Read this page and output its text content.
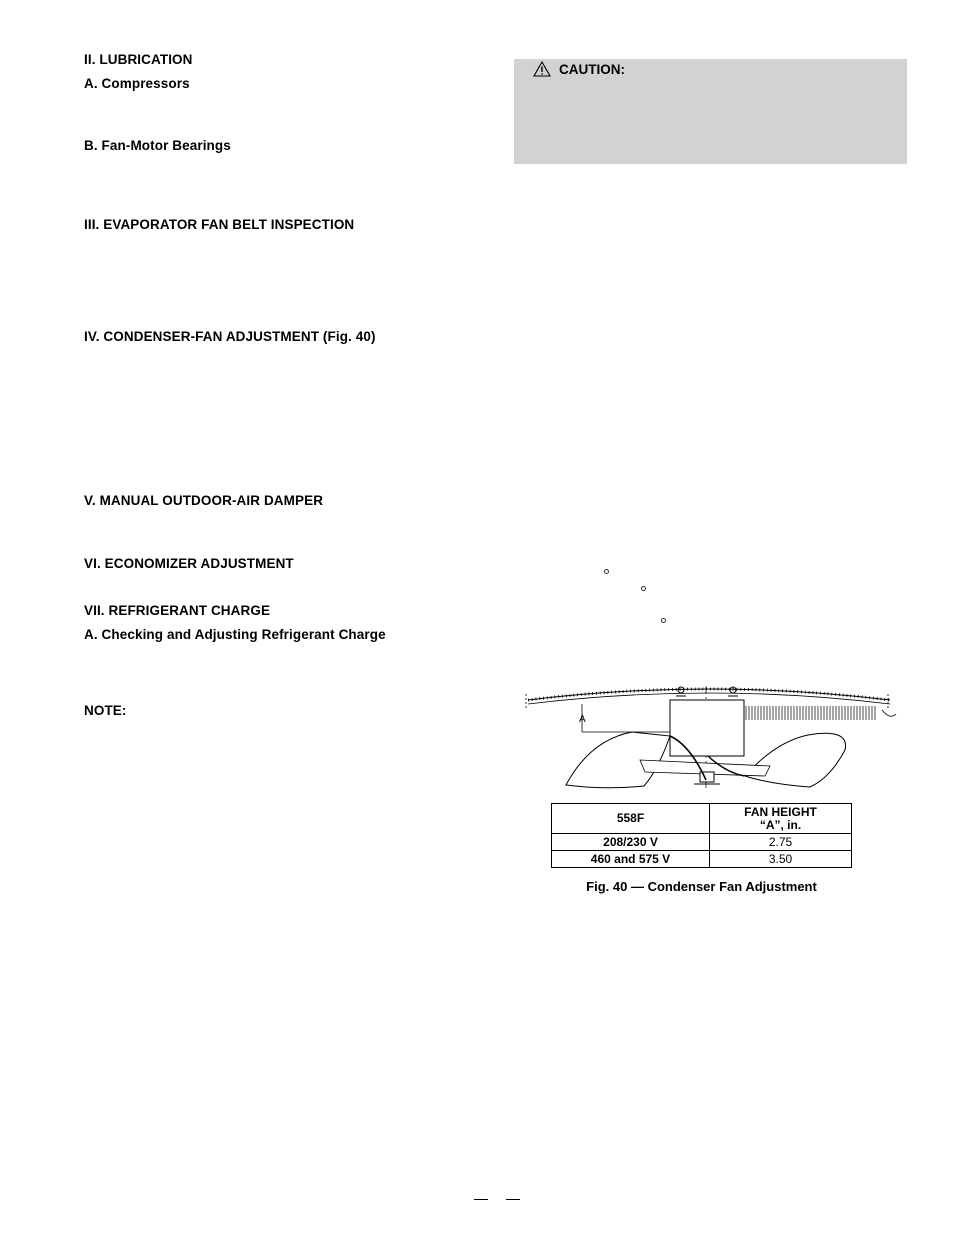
II. LUBRICATION
A. Compressors
B. Fan-Motor Bearings
III. EVAPORATOR FAN BELT INSPECTION
IV. CONDENSER-FAN ADJUSTMENT (Fig. 40)
V. MANUAL OUTDOOR-AIR DAMPER
VI. ECONOMIZER ADJUSTMENT
VII. REFRIGERANT CHARGE
A. Checking and Adjusting Refrigerant Charge
NOTE:
CAUTION:
A
558F	FAN HEIGHT
“A”, in.

208/230 V	2.75
460 and 575 V	3.50
Fig. 40 — Condenser Fan Adjustment
